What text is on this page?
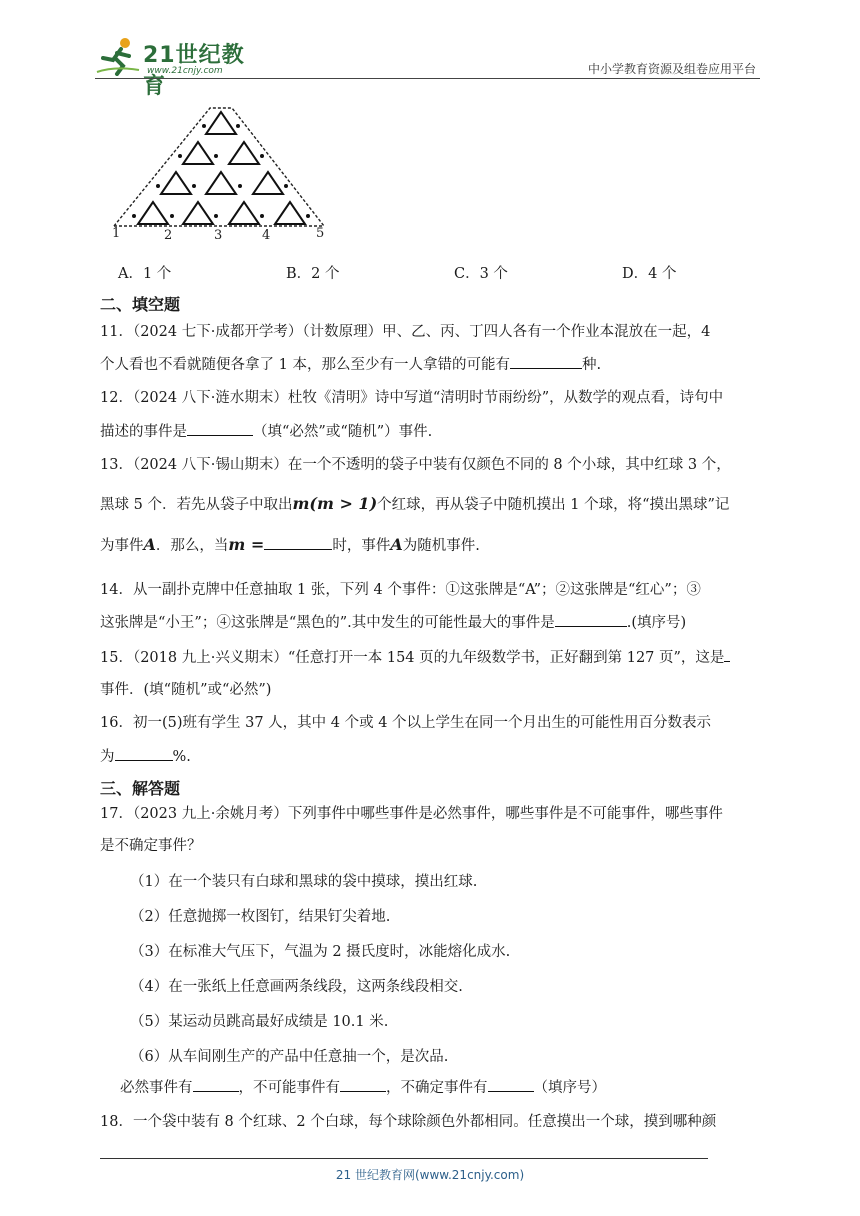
21世纪教育
www.21cnjy.com	中小学教育资源及组卷应用平台
1	2	3	4	5
A．1 个	B．2 个	C．3 个	D．4 个
二、填空题
11．（2024 七下·成都开学考）（计数原理）甲、乙、丙、丁四人各有一个作业本混放在一起，4
个人看也不看就随便各拿了 1 本，那么至少有一人拿错的可能有	种.
12．（2024 八下·涟水期末）杜牧《清明》诗中写道“清明时节雨纷纷”，从数学的观点看，诗句中
描述的事件是	（填“必然”或“随机”）事件.
13．（2024 八下·锡山期末）在一个不透明的袋子中装有仅颜色不同的 8 个小球，其中红球 3 个，
黑球 5 个．若先从袋子中取出m(m > 1)个红球，再从袋子中随机摸出 1 个球，将“摸出黑球”记
为事件A．那么，当m =	时，事件A为随机事件.
14．从一副扑克牌中任意抽取 1 张，下列 4 个事件：①这张牌是“A”；②这张牌是“红心”；③
这张牌是“小王”；④这张牌是“黑色的”.其中发生的可能性最大的事件是	.(填序号)
15．（2018 九上·兴义期末）“任意打开一本 154 页的九年级数学书，正好翻到第 127 页”，这是
事件．(填“随机”或“必然”)
16．初一(5)班有学生 37 人，其中 4 个或 4 个以上学生在同一个月出生的可能性用百分数表示
为	%.
三、解答题
17．（2023 九上·余姚月考）下列事件中哪些事件是必然事件，哪些事件是不可能事件，哪些事件
是不确定事件？
（1）在一个装只有白球和黑球的袋中摸球，摸出红球.
（2）任意抛掷一枚图钉，结果钉尖着地.
（3）在标准大气压下，气温为 2 摄氏度时，冰能熔化成水.
（4）在一张纸上任意画两条线段，这两条线段相交.
（5）某运动员跳高最好成绩是 10.1 米.
（6）从车间刚生产的产品中任意抽一个，是次品.
必然事件有	，不可能事件有	，不确定事件有	（填序号）
18．一个袋中装有 8 个红球、2 个白球，每个球除颜色外都相同。任意摸出一个球，摸到哪种颜
21 世纪教育网(www.21cnjy.com)
